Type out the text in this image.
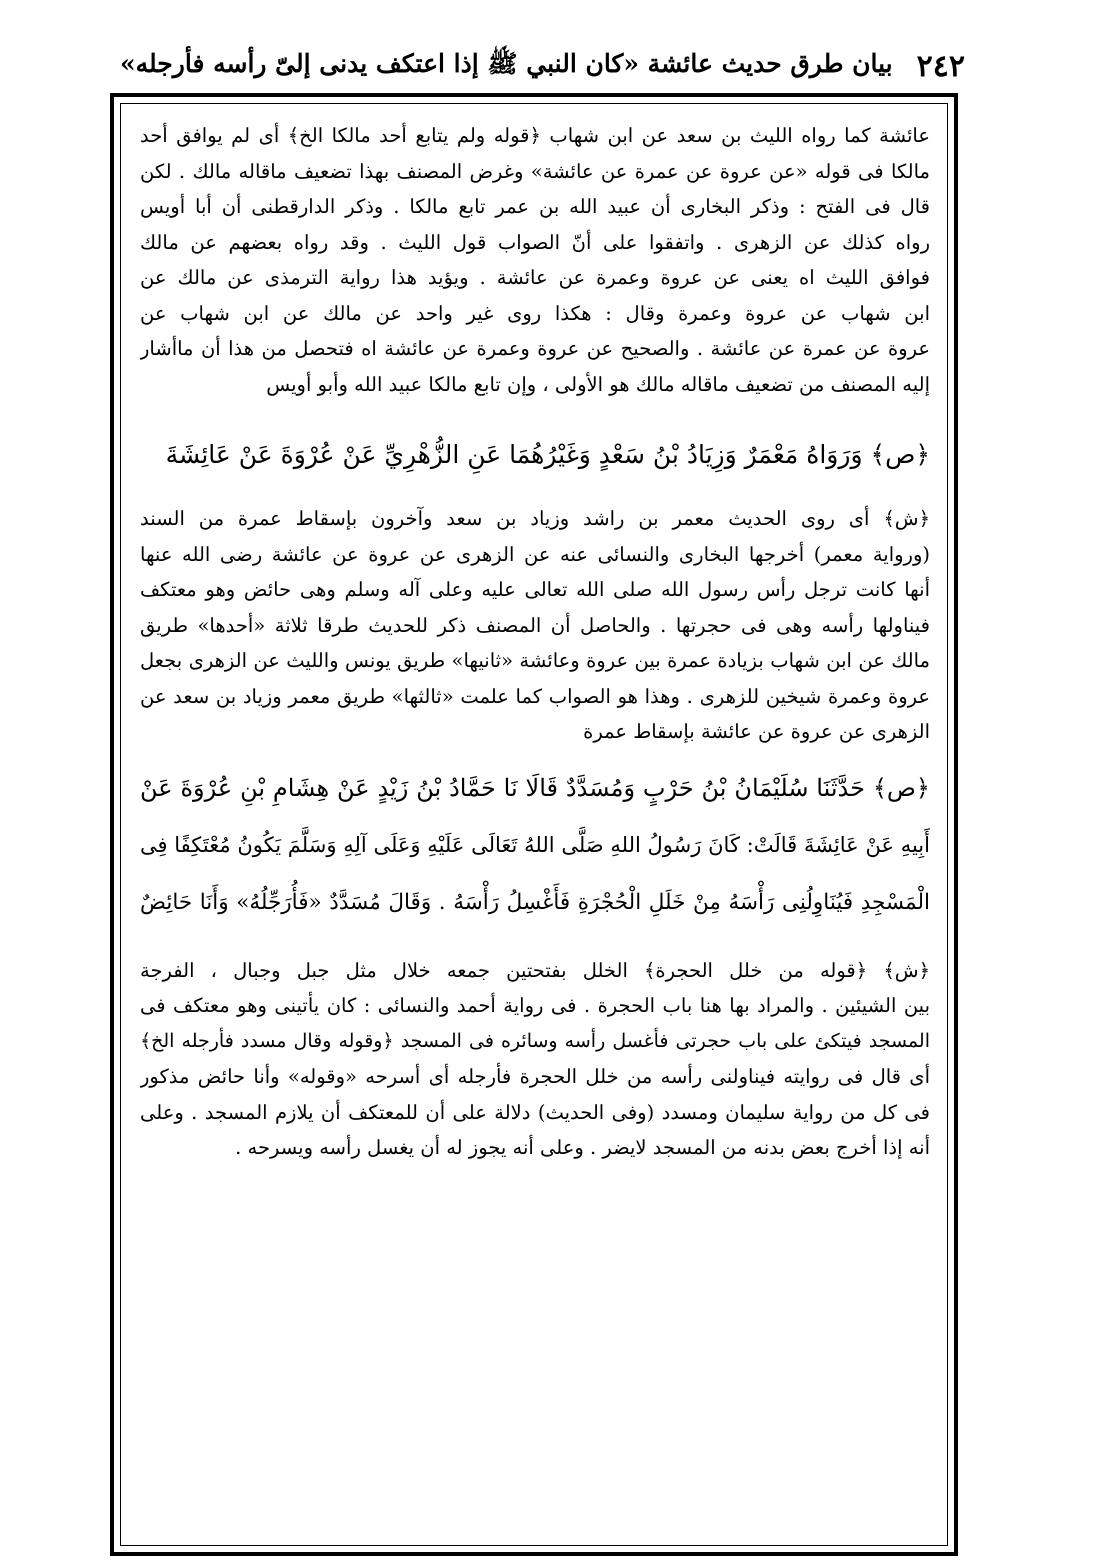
٢٤٢
بيان طرق حديث عائشة «كان النبي ﷺ إذا اعتكف يدنى إلىّ رأسه فأرجله»

عائشة كما رواه الليث بن سعد عن ابن شهاب ﴿قوله ولم يتابع أحد مالكا الخ﴾ أى لم يوافق أحد
مالكا فى قوله «عن عروة عن عمرة عن عائشة» وغرض المصنف بهذا تضعيف ماقاله مالك . لكن
قال فى الفتح : وذكر البخارى أن عبيد الله بن عمر تابع مالكا . وذكر الدارقطنى أن أبا أويس
رواه كذلك عن الزهرى . واتفقوا على أنّ الصواب قول الليث . وقد رواه بعضهم عن مالك
فوافق الليث اه يعنى عن عروة وعمرة عن عائشة . ويؤيد هذا رواية الترمذى عن مالك عن
ابن شهاب عن عروة وعمرة وقال : هكذا روى غير واحد عن مالك عن ابن شهاب عن
عروة عن عمرة عن عائشة . والصحيح عن عروة وعمرة عن عائشة اه فتحصل من هذا أن ماأشار
إليه المصنف من تضعيف ماقاله مالك هو الأولى ، وإن تابع مالكا عبيد الله وأبو أويس

﴿ص﴾ وَرَوَاهُ مَعْمَرٌ وَزِيَادُ بْنُ سَعْدٍ وَغَيْرُهُمَا عَنِ الزُّهْرِيِّ عَنْ عُرْوَةَ عَنْ عَائِشَةَ

﴿ش﴾ أى روى الحديث معمر بن راشد وزياد بن سعد وآخرون بإسقاط عمرة من السند
(ورواية معمر) أخرجها البخارى والنسائى عنه عن الزهرى عن عروة عن عائشة رضى الله عنها
أنها كانت ترجل رأس رسول الله صلى الله تعالى عليه وعلى آله وسلم وهى حائض وهو معتكف
فيناولها رأسه وهى فى حجرتها . والحاصل أن المصنف ذكر للحديث طرقا ثلاثة «أحدها» طريق
مالك عن ابن شهاب بزيادة عمرة بين عروة وعائشة «ثانيها» طريق يونس والليث عن الزهرى بجعل
عروة وعمرة شيخين للزهرى . وهذا هو الصواب كما علمت «ثالثها» طريق معمر وزياد بن سعد عن
الزهرى عن عروة عن عائشة بإسقاط عمرة

﴿ص﴾ حَدَّثَنَا سُلَيْمَانُ بْنُ حَرْبٍ وَمُسَدَّدٌ قَالَا نَا حَمَّادُ بْنُ زَيْدٍ عَنْ هِشَامِ بْنِ عُرْوَةَ عَنْ
أَبِيهِ عَنْ عَائِشَةَ قَالَتْ: كَانَ رَسُولُ اللهِ صَلَّى اللهُ تَعَالَى عَلَيْهِ وَعَلَى آلِهِ وَسَلَّمَ يَكُونُ مُعْتَكِفًا فِى
الْمَسْجِدِ فَيُنَاوِلُنِى رَأْسَهُ مِنْ خَلَلِ الْحُجْرَةِ فَأَغْسِلُ رَأْسَهُ . وَقَالَ مُسَدَّدٌ «فَأُرَجِّلُهُ» وَأَنَا حَائِضٌ

﴿ش﴾ ﴿قوله من خلل الحجرة﴾ الخلل بفتحتين جمعه خلال مثل جبل وجبال ، الفرجة
بين الشيئين . والمراد بها هنا باب الحجرة . فى رواية أحمد والنسائى : كان يأتينى وهو معتكف فى
المسجد فيتكئ على باب حجرتى فأغسل رأسه وسائره فى المسجد ﴿وقوله وقال مسدد فأرجله الخ﴾
أى قال فى روايته فيناولنى رأسه من خلل الحجرة فأرجله أى أسرحه «وقوله» وأنا حائض مذكور
فى كل من رواية سليمان ومسدد (وفى الحديث) دلالة على أن للمعتكف أن يلازم المسجد . وعلى
أنه إذا أخرج بعض بدنه من المسجد لايضر . وعلى أنه يجوز له أن يغسل رأسه ويسرحه .
